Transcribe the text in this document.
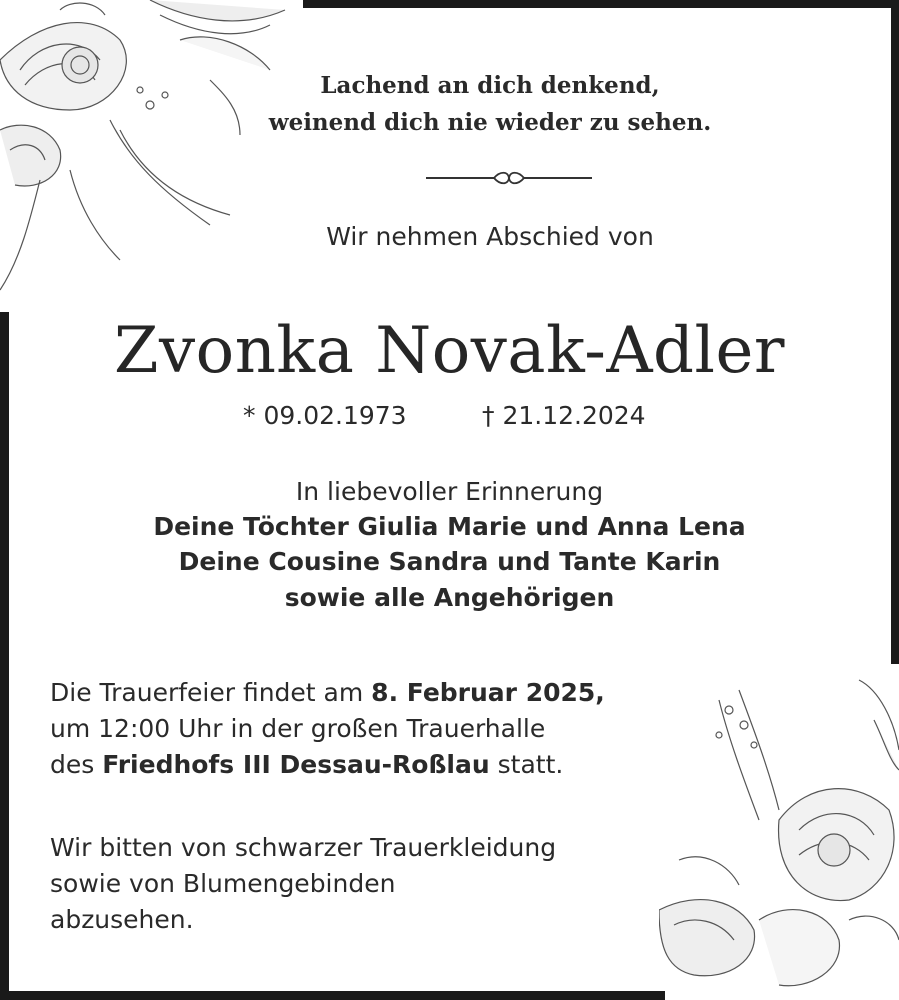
Lachend an dich denkend,
weinend dich nie wieder zu sehen.
Wir nehmen Abschied von
Zvonka Novak-Adler
* 09.02.1973	† 21.12.2024
In liebevoller Erinnerung
Deine Töchter Giulia Marie und Anna Lena
Deine Cousine Sandra und Tante Karin
sowie alle Angehörigen
Die Trauerfeier findet am 8. Februar 2025,
um 12:00 Uhr in der großen Trauerhalle
des Friedhofs III Dessau-Roßlau statt.
Wir bitten von schwarzer Trauerkleidung
sowie von Blumengebinden
abzusehen.
